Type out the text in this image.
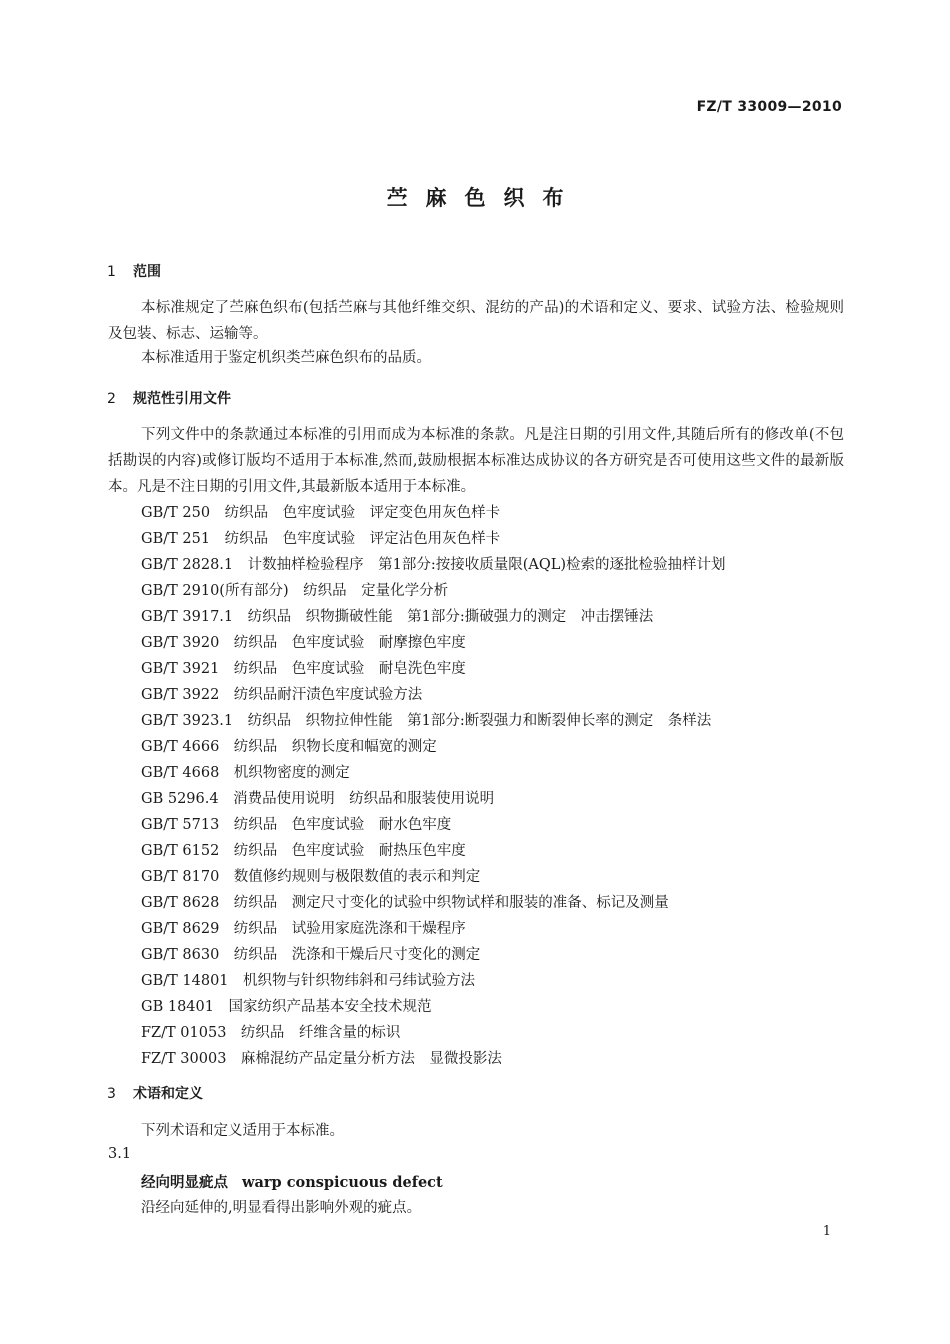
FZ/T 33009—2010
苎麻色织布
1 范围
本标准规定了苎麻色织布(包括苎麻与其他纤维交织、混纺的产品)的术语和定义、要求、试验方法、检验规则及包装、标志、运输等。
本标准适用于鉴定机织类苎麻色织布的品质。
2 规范性引用文件
下列文件中的条款通过本标准的引用而成为本标准的条款。凡是注日期的引用文件,其随后所有的修改单(不包括勘误的内容)或修订版均不适用于本标准,然而,鼓励根据本标准达成协议的各方研究是否可使用这些文件的最新版本。凡是不注日期的引用文件,其最新版本适用于本标准。
GB/T 250　纺织品　色牢度试验　评定变色用灰色样卡
GB/T 251　纺织品　色牢度试验　评定沾色用灰色样卡
GB/T 2828.1　计数抽样检验程序　第1部分:按接收质量限(AQL)检索的逐批检验抽样计划
GB/T 2910(所有部分)　纺织品　定量化学分析
GB/T 3917.1　纺织品　织物撕破性能　第1部分:撕破强力的测定　冲击摆锤法
GB/T 3920　纺织品　色牢度试验　耐摩擦色牢度
GB/T 3921　纺织品　色牢度试验　耐皂洗色牢度
GB/T 3922　纺织品耐汗渍色牢度试验方法
GB/T 3923.1　纺织品　织物拉伸性能　第1部分:断裂强力和断裂伸长率的测定　条样法
GB/T 4666　纺织品　织物长度和幅宽的测定
GB/T 4668　机织物密度的测定
GB 5296.4　消费品使用说明　纺织品和服装使用说明
GB/T 5713　纺织品　色牢度试验　耐水色牢度
GB/T 6152　纺织品　色牢度试验　耐热压色牢度
GB/T 8170　数值修约规则与极限数值的表示和判定
GB/T 8628　纺织品　测定尺寸变化的试验中织物试样和服装的准备、标记及测量
GB/T 8629　纺织品　试验用家庭洗涤和干燥程序
GB/T 8630　纺织品　洗涤和干燥后尺寸变化的测定
GB/T 14801　机织物与针织物纬斜和弓纬试验方法
GB 18401　国家纺织产品基本安全技术规范
FZ/T 01053　纺织品　纤维含量的标识
FZ/T 30003　麻棉混纺产品定量分析方法　显微投影法
3 术语和定义
下列术语和定义适用于本标准。
3.1
经向明显疵点 warp conspicuous defect
沿经向延伸的,明显看得出影响外观的疵点。
1
